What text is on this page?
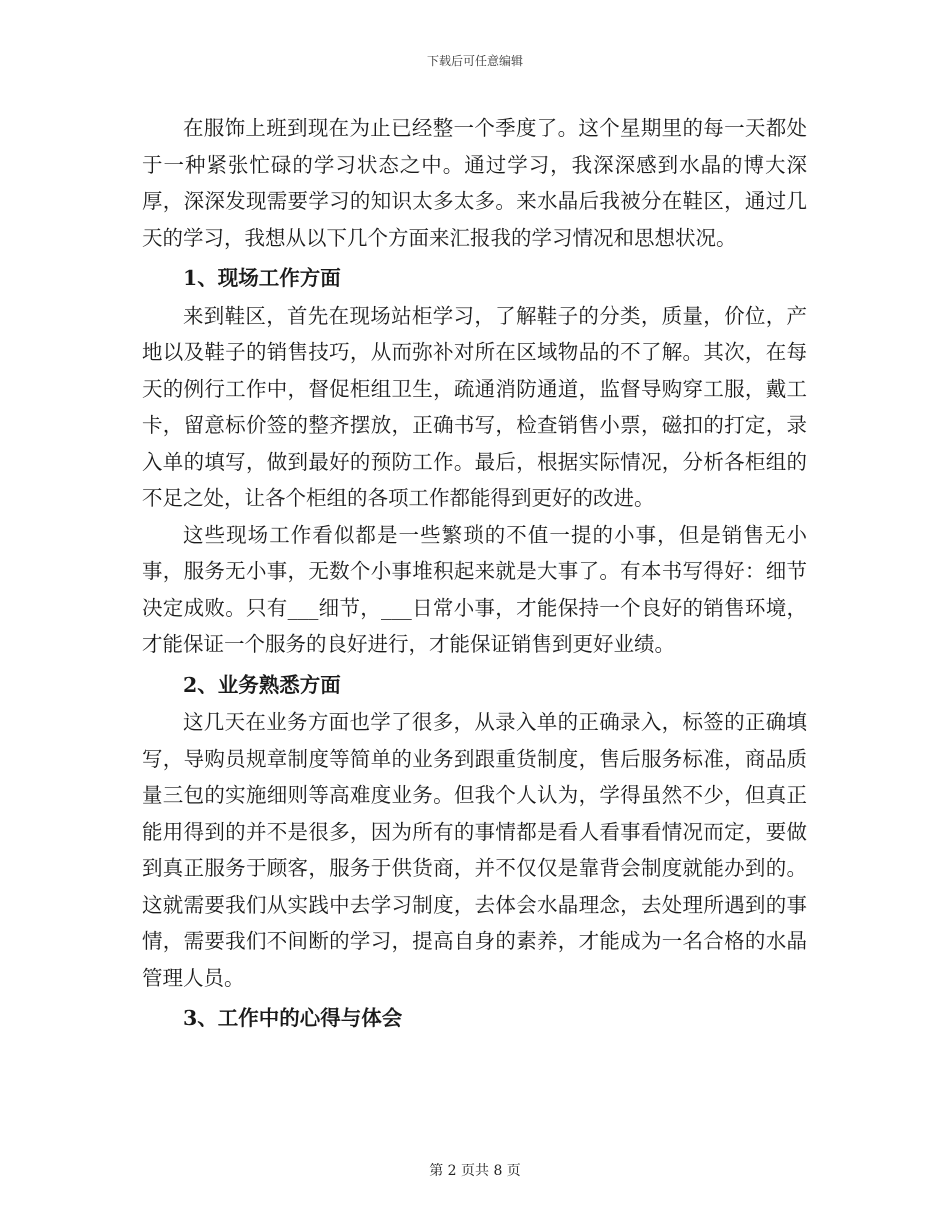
下载后可任意编辑

在服饰上班到现在为止已经整一个季度了。这个星期里的每一天都处于一种紧张忙碌的学习状态之中。通过学习，我深深感到水晶的博大深厚，深深发现需要学习的知识太多太多。来水晶后我被分在鞋区，通过几天的学习，我想从以下几个方面来汇报我的学习情况和思想状况。

1、现场工作方面

来到鞋区，首先在现场站柜学习，了解鞋子的分类，质量，价位，产地以及鞋子的销售技巧，从而弥补对所在区域物品的不了解。其次，在每天的例行工作中，督促柜组卫生，疏通消防通道，监督导购穿工服，戴工卡，留意标价签的整齐摆放，正确书写，检查销售小票，磁扣的打定，录入单的填写，做到最好的预防工作。最后，根据实际情况，分析各柜组的不足之处，让各个柜组的各项工作都能得到更好的改进。

这些现场工作看似都是一些繁琐的不值一提的小事，但是销售无小事，服务无小事，无数个小事堆积起来就是大事了。有本书写得好：细节决定成败。只有___细节，___日常小事，才能保持一个良好的销售环境，才能保证一个服务的良好进行，才能保证销售到更好业绩。

2、业务熟悉方面

这几天在业务方面也学了很多，从录入单的正确录入，标签的正确填写，导购员规章制度等简单的业务到跟重货制度，售后服务标准，商品质量三包的实施细则等高难度业务。但我个人认为，学得虽然不少，但真正能用得到的并不是很多，因为所有的事情都是看人看事看情况而定，要做到真正服务于顾客，服务于供货商，并不仅仅是靠背会制度就能办到的。这就需要我们从实践中去学习制度，去体会水晶理念，去处理所遇到的事情，需要我们不间断的学习，提高自身的素养，才能成为一名合格的水晶管理人员。

3、工作中的心得与体会

第 2 页共 8 页
